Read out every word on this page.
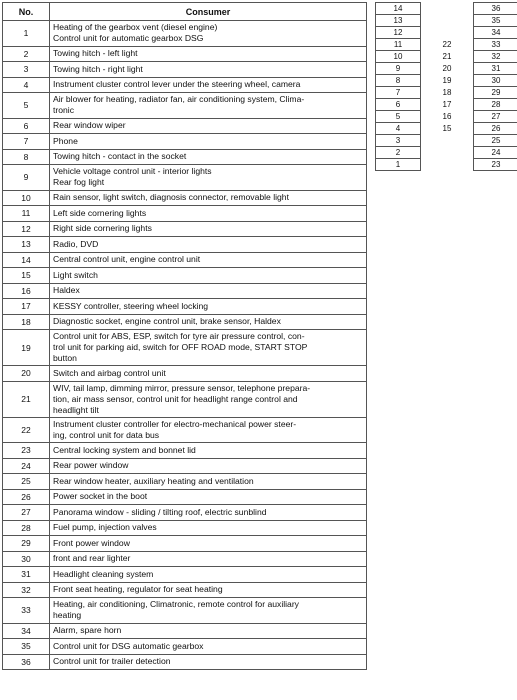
No.	Consumer
1	Heating of the gearbox vent (diesel engine)
Control unit for automatic gearbox DSG
2	Towing hitch - left light
3	Towing hitch - right light
4	Instrument cluster control lever under the steering wheel, camera
5	Air blower for heating, radiator fan, air conditioning system, Clima-
tronic
6	Rear window wiper
7	Phone
8	Towing hitch - contact in the socket
9	Vehicle voltage control unit - interior lights
Rear fog light
10	Rain sensor, light switch, diagnosis connector, removable light
11	Left side cornering lights
12	Right side cornering lights
13	Radio, DVD
14	Central control unit, engine control unit
15	Light switch
16	Haldex
17	KESSY controller, steering wheel locking
18	Diagnostic socket, engine control unit, brake sensor, Haldex
19	Control unit for ABS, ESP, switch for tyre air pressure control, con-
trol unit for parking aid, switch for OFF ROAD mode, START STOP
button
20	Switch and airbag control unit
21	WIV, tail lamp, dimming mirror, pressure sensor, telephone prepara-
tion, air mass sensor, control unit for headlight range control and
headlight tilt
22	Instrument cluster controller for electro-mechanical power steer-
ing, control unit for data bus
23	Central locking system and bonnet lid
24	Rear power window
25	Rear window heater, auxiliary heating and ventilation
26	Power socket in the boot
27	Panorama window - sliding / tilting roof, electric sunblind
28	Fuel pump, injection valves
29	Front power window
30	front and rear lighter
31	Headlight cleaning system
32	Front seat heating, regulator for seat heating
33	Heating, air conditioning, Climatronic, remote control for auxiliary
heating
34	Alarm, spare horn
35	Control unit for DSG automatic gearbox
36	Control unit for trailer detection
14		36
13		35
12		34
11	22	33
10	21	32
9	20	31
8	19	30
7	18	29
6	17	28
5	16	27
4	15	26
3		25
2		24
1		23
